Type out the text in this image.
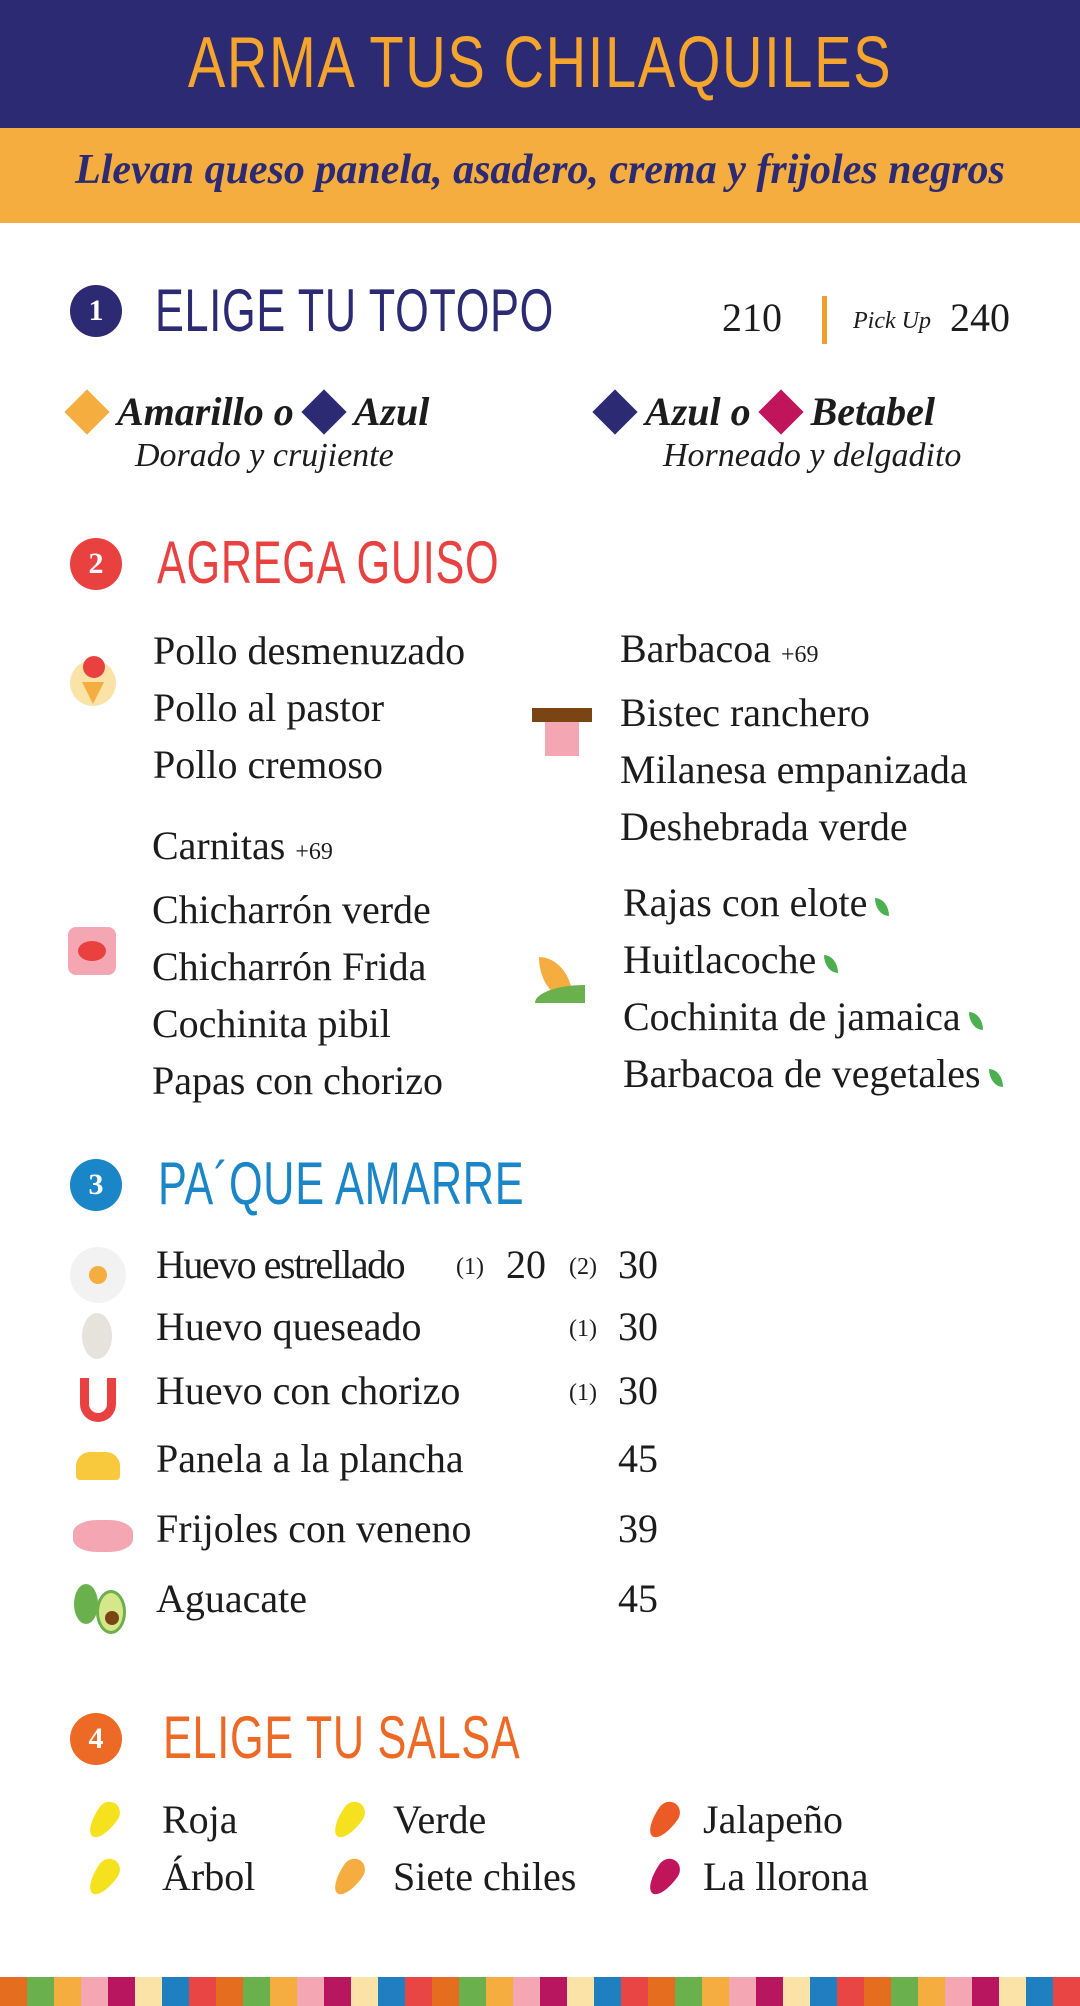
ARMA TUS CHILAQUILES
Llevan queso panela, asadero, crema y frijoles negros
1 ELIGE TU TOTOPO	210	Pick Up 240
Amarillo o Azul
Dorado y crujiente
Azul o Betabel
Horneado y delgadito
2 AGREGA GUISO
Pollo desmenuzado
Pollo al pastor
Pollo cremoso
Barbacoa +69
Bistec ranchero
Milanesa empanizada
Deshebrada verde
Carnitas +69
Chicharrón verde
Chicharrón Frida
Cochinita pibil
Papas con chorizo
Rajas con elote
Huitlacoche
Cochinita de jamaica
Barbacoa de vegetales
3 PA´QUE AMARRE
Huevo estrellado (1) 20 (2) 30
Huevo queseado	(1) 30
Huevo con chorizo	(1) 30
Panela a la plancha	45
Frijoles con veneno	39
Aguacate	45
4 ELIGE TU SALSA
Roja
Árbol
Verde
Siete chiles
Jalapeño
La llorona
